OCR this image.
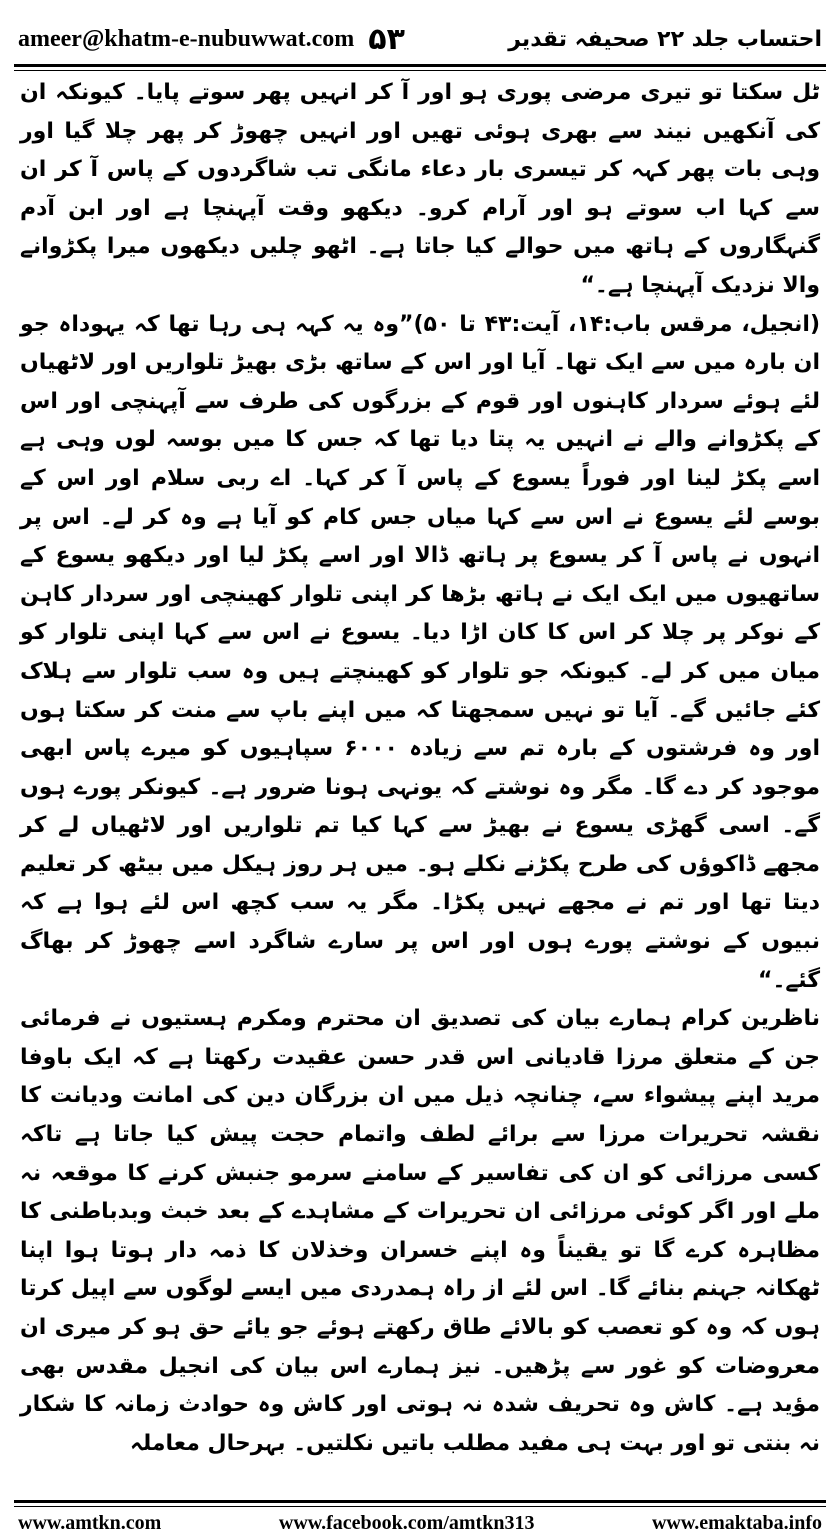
ameer@khatm-e-nubuwwat.com ۵۳	احتساب جلد ۲۲ صحیفہ تقدیر

ٹل سکتا تو تیری مرضی پوری ہو اور آ کر انہیں پھر سوتے پایا۔ کیونکہ ان کی آنکھیں نیند سے بھری ہوئی تھیں اور انہیں چھوڑ کر پھر چلا گیا اور وہی بات پھر کہہ کر تیسری بار دعاء مانگی تب شاگردوں کے پاس آ کر ان سے کہا اب سوتے ہو اور آرام کرو۔ دیکھو وقت آپہنچا ہے اور ابن آدم گنہگاروں کے ہاتھ میں حوالے کیا جاتا ہے۔ اٹھو چلیں دیکھوں میرا پکڑوانے والا نزدیک آپہنچا ہے۔“

(انجیل، مرقس باب:۱۴، آیت:۴۳ تا ۵۰)”وہ یہ کہہ ہی رہا تھا کہ یہوداہ جو ان بارہ میں سے ایک تھا۔ آیا اور اس کے ساتھ بڑی بھیڑ تلواریں اور لاٹھیاں لئے ہوئے سردار کاہنوں اور قوم کے بزرگوں کی طرف سے آپہنچی اور اس کے پکڑوانے والے نے انہیں یہ پتا دیا تھا کہ جس کا میں بوسہ لوں وہی ہے اسے پکڑ لینا اور فوراً یسوع کے پاس آ کر کہا۔ اے ربی سلام اور اس کے بوسے لئے یسوع نے اس سے کہا میاں جس کام کو آیا ہے وہ کر لے۔ اس پر انہوں نے پاس آ کر یسوع پر ہاتھ ڈالا اور اسے پکڑ لیا اور دیکھو یسوع کے ساتھیوں میں ایک ایک نے ہاتھ بڑھا کر اپنی تلوار کھینچی اور سردار کاہن کے نوکر پر چلا کر اس کا کان اڑا دیا۔ یسوع نے اس سے کہا اپنی تلوار کو میان میں کر لے۔ کیونکہ جو تلوار کو کھینچتے ہیں وہ سب تلوار سے ہلاک کئے جائیں گے۔ آیا تو نہیں سمجھتا کہ میں اپنے باپ سے منت کر سکتا ہوں اور وہ فرشتوں کے بارہ تم سے زیادہ ۶۰۰۰ سپاہیوں کو میرے پاس ابھی موجود کر دے گا۔ مگر وہ نوشتے کہ یونہی ہونا ضرور ہے۔ کیونکر پورے ہوں گے۔ اسی گھڑی یسوع نے بھیڑ سے کہا کیا تم تلواریں اور لاٹھیاں لے کر مجھے ڈاکوؤں کی طرح پکڑنے نکلے ہو۔ میں ہر روز ہیکل میں بیٹھ کر تعلیم دیتا تھا اور تم نے مجھے نہیں پکڑا۔ مگر یہ سب کچھ اس لئے ہوا ہے کہ نبیوں کے نوشتے پورے ہوں اور اس پر سارے شاگرد اسے چھوڑ کر بھاگ گئے۔“

ناظرین کرام ہمارے بیان کی تصدیق ان محترم ومکرم ہستیوں نے فرمائی جن کے متعلق مرزا قادیانی اس قدر حسن عقیدت رکھتا ہے کہ ایک باوفا مرید اپنے پیشواء سے، چنانچہ ذیل میں ان بزرگان دین کی امانت ودیانت کا نقشہ تحریرات مرزا سے برائے لطف واتمام حجت پیش کیا جاتا ہے تاکہ کسی مرزائی کو ان کی تفاسیر کے سامنے سرمو جنبش کرنے کا موقعہ نہ ملے اور اگر کوئی مرزائی ان تحریرات کے مشاہدے کے بعد خبث وبدباطنی کا مظاہرہ کرے گا تو یقیناً وہ اپنے خسران وخذلان کا ذمہ دار ہوتا ہوا اپنا ٹھکانہ جہنم بنائے گا۔ اس لئے از راہ ہمدردی میں ایسے لوگوں سے اپیل کرتا ہوں کہ وہ کو تعصب کو بالائے طاق رکھتے ہوئے جو یائے حق ہو کر میری ان معروضات کو غور سے پڑھیں۔ نیز ہمارے اس بیان کی انجیل مقدس بھی مؤید ہے۔ کاش وہ تحریف شدہ نہ ہوتی اور کاش وہ حوادث زمانہ کا شکار نہ بنتی تو اور بہت ہی مفید مطلب باتیں نکلتیں۔ بہرحال معاملہ

www.amtkn.com	www.facebook.com/amtkn313	www.emaktaba.info
